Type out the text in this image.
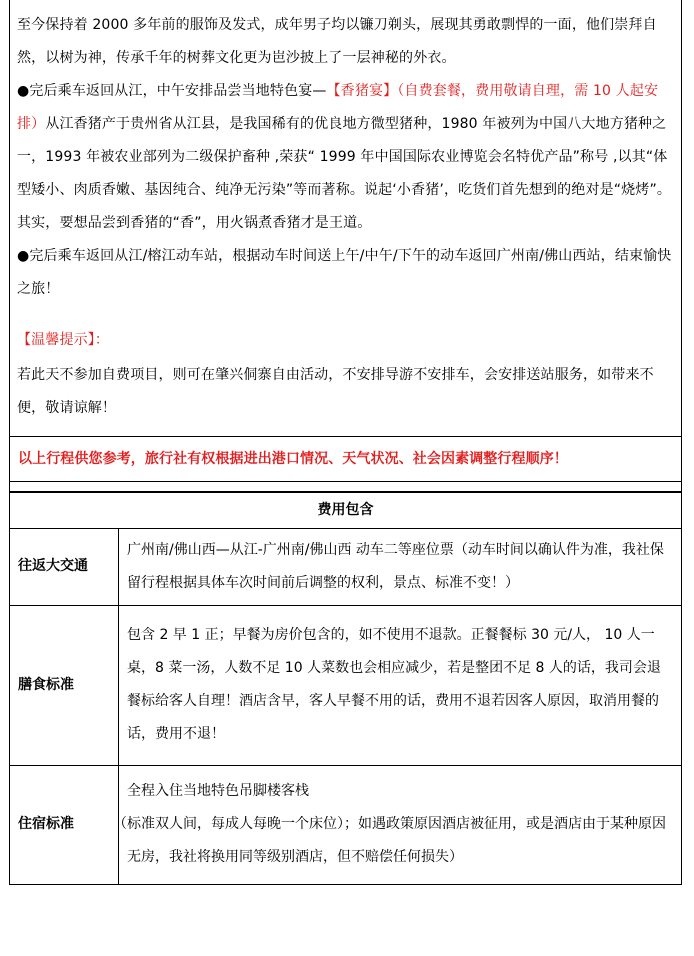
至今保持着 2000 多年前的服饰及发式，成年男子均以镰刀剃头，展现其勇敢剽悍的一面，他们崇拜自然，以树为神，传承千年的树葬文化更为岜沙披上了一层神秘的外衣。

●完后乘车返回从江，中午安排品尝当地特色宴—【香猪宴】（自费套餐，费用敬请自理，需 10 人起安排）从江香猪产于贵州省从江县，是我国稀有的优良地方微型猪种，1980 年被列为中国八大地方猪种之一，1993 年被农业部列为二级保护畜种 ,荣获“ 1999 年中国国际农业博览会名特优产品”称号 ,以其“体型矮小、肉质香嫩、基因纯合、纯净无污染”等而著称。说起‘小香猪’，吃货们首先想到的绝对是“烧烤”。其实，要想品尝到香猪的“香”，用火锅煮香猪才是王道。

●完后乘车返回从江/榕江动车站，根据动车时间送上午/中午/下午的动车返回广州南/佛山西站，结束愉快之旅！

【温馨提示】：

若此天不参加自费项目，则可在肇兴侗寨自由活动，不安排导游不安排车，会安排送站服务，如带来不便，敬请谅解！

以上行程供您参考，旅行社有权根据进出港口情况、天气状况、社会因素调整行程顺序！
费用包含
往返大交通	广州南/佛山西—从江-广州南/佛山西 动车二等座位票（动车时间以确认件为准，我社保留行程根据具体车次时间前后调整的权利，景点、标准不变！）
膳食标准	包含 2 早 1 正；早餐为房价包含的，如不使用不退款。正餐餐标 30 元/人， 10 人一桌，8 菜一汤，人数不足 10 人菜数也会相应减少，若是整团不足 8 人的话，我司会退餐标给客人自理！酒店含早，客人早餐不用的话，费用不退若因客人原因，取消用餐的话，费用不退！
住宿标准	全程入住当地特色吊脚楼客栈

（标准双人间，每成人每晚一个床位）；如遇政策原因酒店被征用，或是酒店由于某种原因无房，我社将换用同等级别酒店，但不赔偿任何损失）
